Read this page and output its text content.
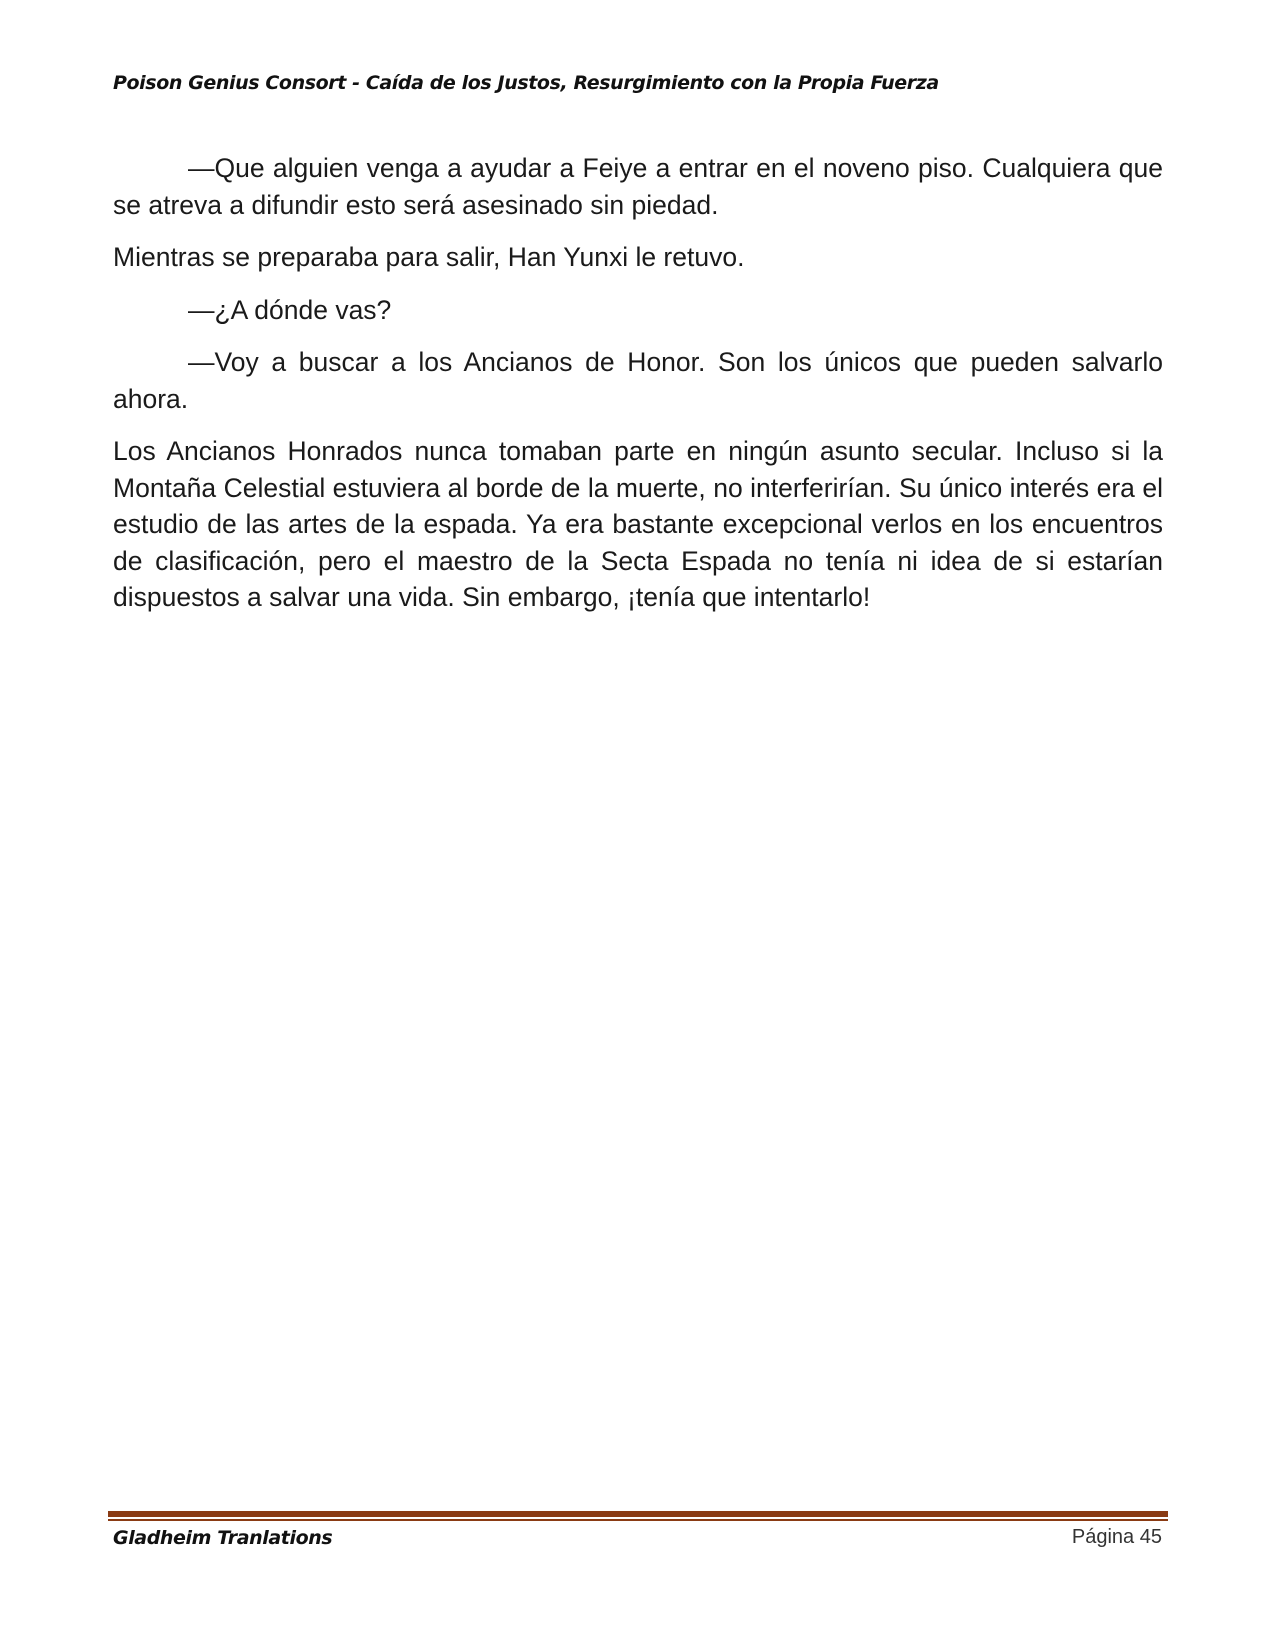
Poison Genius Consort - Caída de los Justos, Resurgimiento con la Propia Fuerza

—Que alguien venga a ayudar a Feiye a entrar en el noveno piso. Cualquiera que se atreva a difundir esto será asesinado sin piedad.

Mientras se preparaba para salir, Han Yunxi le retuvo.

—¿A dónde vas?

—Voy a buscar a los Ancianos de Honor. Son los únicos que pueden salvarlo ahora.

Los Ancianos Honrados nunca tomaban parte en ningún asunto secular. Incluso si la Montaña Celestial estuviera al borde de la muerte, no interferirían. Su único interés era el estudio de las artes de la espada. Ya era bastante excepcional verlos en los encuentros de clasificación, pero el maestro de la Secta Espada no tenía ni idea de si estarían dispuestos a salvar una vida. Sin embargo, ¡tenía que intentarlo!

Gladheim Tranlations	Página 45
